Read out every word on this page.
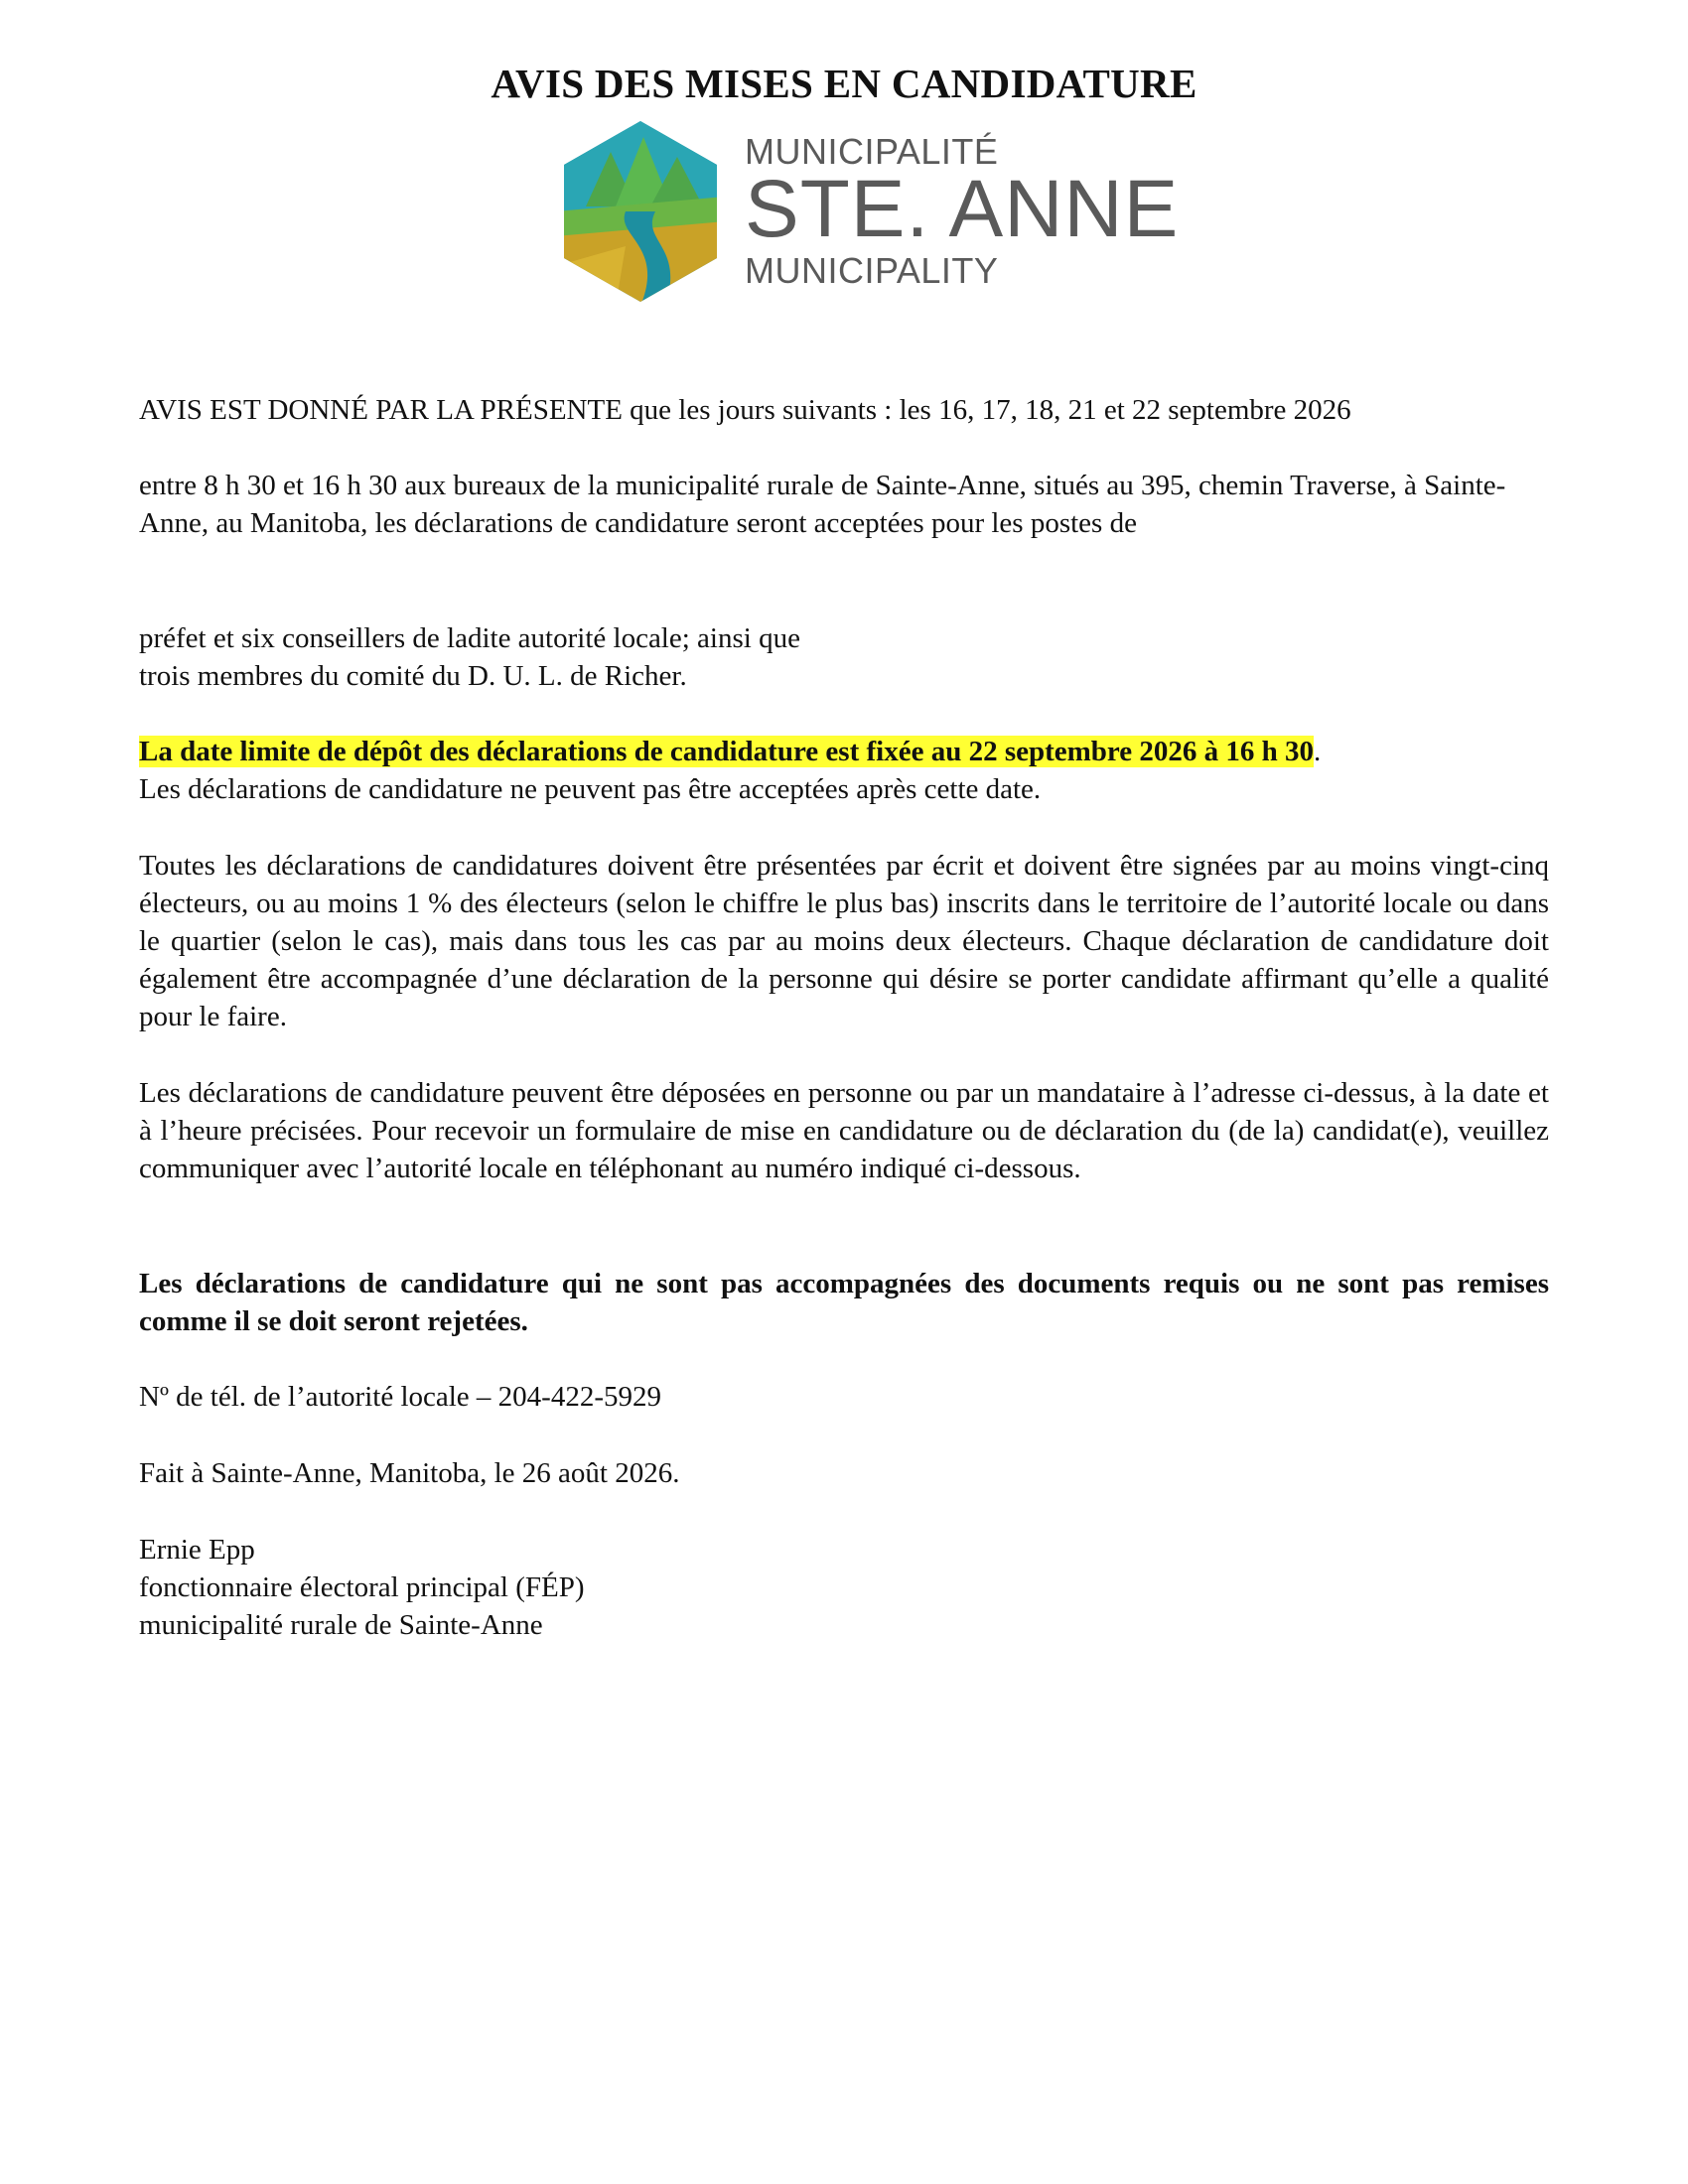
AVIS DES MISES EN CANDIDATURE
MUNICIPALITÉ
STE. ANNE
MUNICIPALITY

AVIS EST DONNÉ PAR LA PRÉSENTE que les jours suivants : les 16, 17, 18, 21 et 22 septembre 2026

entre 8 h 30 et 16 h 30 aux bureaux de la municipalité rurale de Sainte-Anne, situés au 395, chemin Traverse, à Sainte-Anne, au Manitoba, les déclarations de candidature seront acceptées pour les postes de

préfet et six conseillers de ladite autorité locale; ainsi que
trois membres du comité du D. U. L. de Richer.

La date limite de dépôt des déclarations de candidature est fixée au 22 septembre 2026 à 16 h 30.
Les déclarations de candidature ne peuvent pas être acceptées après cette date.

Toutes les déclarations de candidatures doivent être présentées par écrit et doivent être signées par au moins vingt-cinq électeurs, ou au moins 1 % des électeurs (selon le chiffre le plus bas) inscrits dans le territoire de l’autorité locale ou dans le quartier (selon le cas), mais dans tous les cas par au moins deux électeurs. Chaque déclaration de candidature doit également être accompagnée d’une déclaration de la personne qui désire se porter candidate affirmant qu’elle a qualité pour le faire.

Les déclarations de candidature peuvent être déposées en personne ou par un mandataire à l’adresse ci-dessus, à la date et à l’heure précisées. Pour recevoir un formulaire de mise en candidature ou de déclaration du (de la) candidat(e), veuillez communiquer avec l’autorité locale en téléphonant au numéro indiqué ci-dessous.

Les déclarations de candidature qui ne sont pas accompagnées des documents requis ou ne sont pas remises comme il se doit seront rejetées.

Nº de tél. de l’autorité locale – 204-422-5929

Fait à Sainte-Anne, Manitoba, le 26 août 2026.

Ernie Epp
fonctionnaire électoral principal (FÉP)
municipalité rurale de Sainte-Anne
